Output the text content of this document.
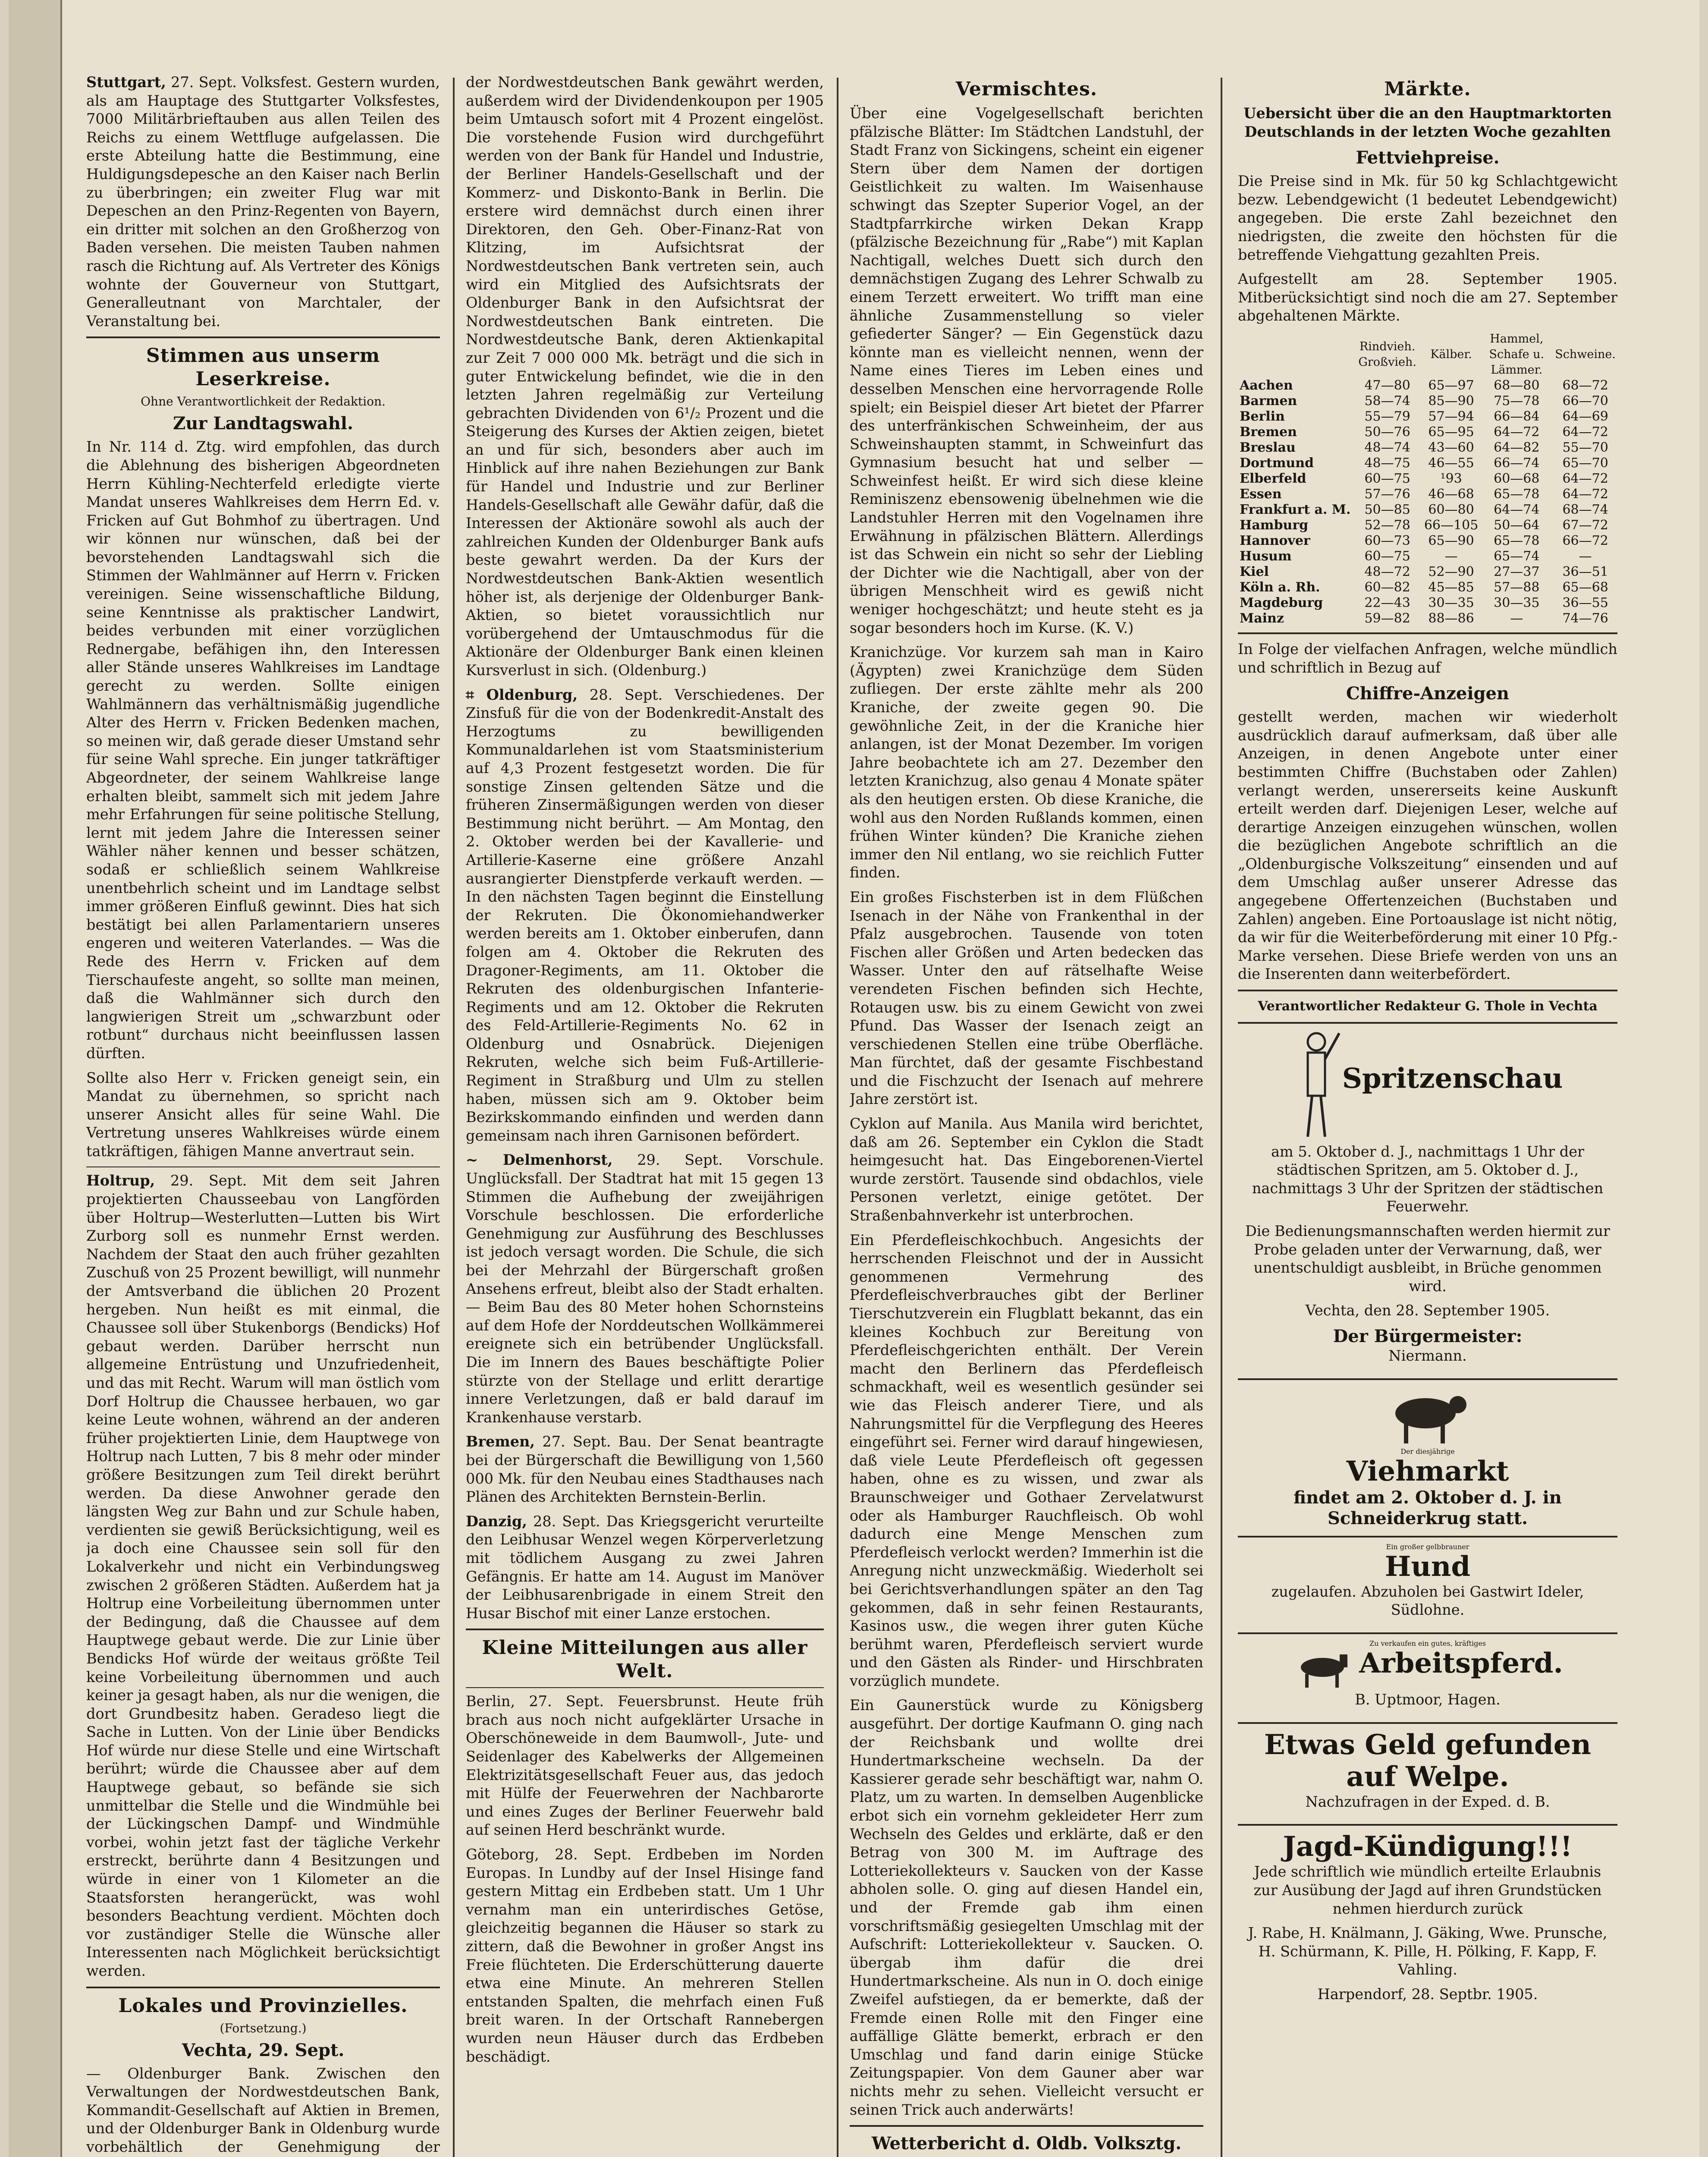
Stuttgart, 27. Sept. Volksfest. Gestern wurden, als am Hauptage des Stuttgarter Volksfestes, 7000 Militärbrieftauben aus allen Teilen des Reichs zu einem Wettfluge aufgelassen. Die erste Abteilung hatte die Bestimmung, eine Huldigungsdepesche an den Kaiser nach Berlin zu überbringen; ein zweiter Flug war mit Depeschen an den Prinz-Regenten von Bayern, ein dritter mit solchen an den Großherzog von Baden versehen. Die meisten Tauben nahmen rasch die Richtung auf. Als Vertreter des Königs wohnte der Gouverneur von Stuttgart, Generalleutnant von Marchtaler, der Veranstaltung bei.

Stimmen aus unserm Leserkreise.
Ohne Verantwortlichkeit der Redaktion.
Zur Landtagswahl.

In Nr. 114 d. Ztg. wird empfohlen, das durch die Ablehnung des bisherigen Abgeordneten Herrn Kühling-Nechterfeld erledigte vierte Mandat unseres Wahlkreises dem Herrn Ed. v. Fricken auf Gut Bohmhof zu übertragen. Und wir können nur wünschen, daß bei der bevorstehenden Landtagswahl sich die Stimmen der Wahlmänner auf Herrn v. Fricken vereinigen. Seine wissenschaftliche Bildung, seine Kenntnisse als praktischer Landwirt, beides verbunden mit einer vorzüglichen Rednergabe, befähigen ihn, den Interessen aller Stände unseres Wahlkreises im Landtage gerecht zu werden. Sollte einigen Wahlmännern das verhältnismäßig jugendliche Alter des Herrn v. Fricken Bedenken machen, so meinen wir, daß gerade dieser Umstand sehr für seine Wahl spreche. Ein junger tatkräftiger Abgeordneter, der seinem Wahlkreise lange erhalten bleibt, sammelt sich mit jedem Jahre mehr Erfahrungen für seine politische Stellung, lernt mit jedem Jahre die Interessen seiner Wähler näher kennen und besser schätzen, sodaß er schließlich seinem Wahlkreise unentbehrlich scheint und im Landtage selbst immer größeren Einfluß gewinnt. Dies hat sich bestätigt bei allen Parlamentariern unseres engeren und weiteren Vaterlandes. — Was die Rede des Herrn v. Fricken auf dem Tierschaufeste angeht, so sollte man meinen, daß die Wahlmänner sich durch den langwierigen Streit um „schwarzbunt oder rotbunt“ durchaus nicht beeinflussen lassen dürften.

Sollte also Herr v. Fricken geneigt sein, ein Mandat zu übernehmen, so spricht nach unserer Ansicht alles für seine Wahl. Die Vertretung unseres Wahlkreises würde einem tatkräftigen, fähigen Manne anvertraut sein.

Holtrup, 29. Sept. Mit dem seit Jahren projektierten Chausseebau von Langförden über Holtrup—Westerlutten—Lutten bis Wirt Zurborg soll es nunmehr Ernst werden. Nachdem der Staat den auch früher gezahlten Zuschuß von 25 Prozent bewilligt, will nunmehr der Amtsverband die üblichen 20 Prozent hergeben. Nun heißt es mit einmal, die Chaussee soll über Stukenborgs (Bendicks) Hof gebaut werden. Darüber herrscht nun allgemeine Entrüstung und Unzufriedenheit, und das mit Recht. Warum will man östlich vom Dorf Holtrup die Chaussee herbauen, wo gar keine Leute wohnen, während an der anderen früher projektierten Linie, dem Hauptwege von Holtrup nach Lutten, 7 bis 8 mehr oder minder größere Besitzungen zum Teil direkt berührt werden. Da diese Anwohner gerade den längsten Weg zur Bahn und zur Schule haben, verdienten sie gewiß Berücksichtigung, weil es ja doch eine Chaussee sein soll für den Lokalverkehr und nicht ein Verbindungsweg zwischen 2 größeren Städten. Außerdem hat ja Holtrup eine Vorbeileitung übernommen unter der Bedingung, daß die Chaussee auf dem Hauptwege gebaut werde. Die zur Linie über Bendicks Hof würde der weitaus größte Teil keine Vorbeileitung übernommen und auch keiner ja gesagt haben, als nur die wenigen, die dort Grundbesitz haben. Geradeso liegt die Sache in Lutten. Von der Linie über Bendicks Hof würde nur diese Stelle und eine Wirtschaft berührt; würde die Chaussee aber auf dem Hauptwege gebaut, so befände sie sich unmittelbar die Stelle und die Windmühle bei der Lückingschen Dampf- und Windmühle vorbei, wohin jetzt fast der tägliche Verkehr erstreckt, berührte dann 4 Besitzungen und würde in einer von 1 Kilometer an die Staatsforsten herangerückt, was wohl besonders Beachtung verdient. Möchten doch vor zuständiger Stelle die Wünsche aller Interessenten nach Möglichkeit berücksichtigt werden.

Lokales und Provinzielles.
(Fortsetzung.)
Vechta, 29. Sept.

— Oldenburger Bank. Zwischen den Verwaltungen der Nordwestdeutschen Bank, Kommandit-Gesellschaft auf Aktien in Bremen, und der Oldenburger Bank in Oldenburg wurde vorbehältlich der Genehmigung der

der Nordwestdeutschen Bank gewährt werden, außerdem wird der Dividendenkoupon per 1905 beim Umtausch sofort mit 4 Prozent eingelöst. Die vorstehende Fusion wird durchgeführt werden von der Bank für Handel und Industrie, der Berliner Handels-Gesellschaft und der Kommerz- und Diskonto-Bank in Berlin. Die erstere wird demnächst durch einen ihrer Direktoren, den Geh. Ober-Finanz-Rat von Klitzing, im Aufsichtsrat der Nordwestdeutschen Bank vertreten sein, auch wird ein Mitglied des Aufsichtsrats der Oldenburger Bank in den Aufsichtsrat der Nordwestdeutschen Bank eintreten. Die Nordwestdeutsche Bank, deren Aktienkapital zur Zeit 7 000 000 Mk. beträgt und die sich in guter Entwickelung befindet, wie die in den letzten Jahren regelmäßig zur Verteilung gebrachten Dividenden von 6¹/₂ Prozent und die Steigerung des Kurses der Aktien zeigen, bietet an und für sich, besonders aber auch im Hinblick auf ihre nahen Beziehungen zur Bank für Handel und Industrie und zur Berliner Handels-Gesellschaft alle Gewähr dafür, daß die Interessen der Aktionäre sowohl als auch der zahlreichen Kunden der Oldenburger Bank aufs beste gewahrt werden. Da der Kurs der Nordwestdeutschen Bank-Aktien wesentlich höher ist, als derjenige der Oldenburger Bank-Aktien, so bietet voraussichtlich nur vorübergehend der Umtauschmodus für die Aktionäre der Oldenburger Bank einen kleinen Kursverlust in sich. (Oldenburg.)

⌗ Oldenburg, 28. Sept. Verschiedenes. Der Zinsfuß für die von der Bodenkredit-Anstalt des Herzogtums zu bewilligenden Kommunaldarlehen ist vom Staatsministerium auf 4,3 Prozent festgesetzt worden. Die für sonstige Zinsen geltenden Sätze und die früheren Zinsermäßigungen werden von dieser Bestimmung nicht berührt. — Am Montag, den 2. Oktober werden bei der Kavallerie- und Artillerie-Kaserne eine größere Anzahl ausrangierter Dienstpferde verkauft werden. — In den nächsten Tagen beginnt die Einstellung der Rekruten. Die Ökonomiehandwerker werden bereits am 1. Oktober einberufen, dann folgen am 4. Oktober die Rekruten des Dragoner-Regiments, am 11. Oktober die Rekruten des oldenburgischen Infanterie-Regiments und am 12. Oktober die Rekruten des Feld-Artillerie-Regiments No. 62 in Oldenburg und Osnabrück. Diejenigen Rekruten, welche sich beim Fuß-Artillerie-Regiment in Straßburg und Ulm zu stellen haben, müssen sich am 9. Oktober beim Bezirkskommando einfinden und werden dann gemeinsam nach ihren Garnisonen befördert.

~ Delmenhorst, 29. Sept. Vorschule. Unglücksfall. Der Stadtrat hat mit 15 gegen 13 Stimmen die Aufhebung der zweijährigen Vorschule beschlossen. Die erforderliche Genehmigung zur Ausführung des Beschlusses ist jedoch versagt worden. Die Schule, die sich bei der Mehrzahl der Bürgerschaft großen Ansehens erfreut, bleibt also der Stadt erhalten. — Beim Bau des 80 Meter hohen Schornsteins auf dem Hofe der Norddeutschen Wollkämmerei ereignete sich ein betrübender Unglücksfall. Die im Innern des Baues beschäftigte Polier stürzte von der Stellage und erlitt derartige innere Verletzungen, daß er bald darauf im Krankenhause verstarb.

Bremen, 27. Sept. Bau. Der Senat beantragte bei der Bürgerschaft die Bewilligung von 1,560 000 Mk. für den Neubau eines Stadthauses nach Plänen des Architekten Bernstein-Berlin.

Danzig, 28. Sept. Das Kriegsgericht verurteilte den Leibhusar Wenzel wegen Körperverletzung mit tödlichem Ausgang zu zwei Jahren Gefängnis. Er hatte am 14. August im Manöver der Leibhusarenbrigade in einem Streit den Husar Bischof mit einer Lanze erstochen.

Kleine Mitteilungen aus aller Welt.

Berlin, 27. Sept. Feuersbrunst. Heute früh brach aus noch nicht aufgeklärter Ursache in Oberschöneweide in dem Baumwoll-, Jute- und Seidenlager des Kabelwerks der Allgemeinen Elektrizitätsgesellschaft Feuer aus, das jedoch mit Hülfe der Feuerwehren der Nachbarorte und eines Zuges der Berliner Feuerwehr bald auf seinen Herd beschränkt wurde.

Göteborg, 28. Sept. Erdbeben im Norden Europas. In Lundby auf der Insel Hisinge fand gestern Mittag ein Erdbeben statt. Um 1 Uhr vernahm man ein unterirdisches Getöse, gleichzeitig begannen die Häuser so stark zu zittern, daß die Bewohner in großer Angst ins Freie flüchteten. Die Erderschütterung dauerte etwa eine Minute. An mehreren Stellen entstanden Spalten, die mehrfach einen Fuß breit waren. In der Ortschaft Rannebergen wurden neun Häuser durch das Erdbeben beschädigt.

Vermischtes.

Über eine Vogelgesellschaft berichten pfälzische Blätter: Im Städtchen Landstuhl, der Stadt Franz von Sickingens, scheint ein eigener Stern über dem Namen der dortigen Geistlichkeit zu walten. Im Waisenhause schwingt das Szepter Superior Vogel, an der Stadtpfarrkirche wirken Dekan Krapp (pfälzische Bezeichnung für „Rabe“) mit Kaplan Nachtigall, welches Duett sich durch den demnächstigen Zugang des Lehrer Schwalb zu einem Terzett erweitert. Wo trifft man eine ähnliche Zusammenstellung so vieler gefiederter Sänger? — Ein Gegenstück dazu könnte man es vielleicht nennen, wenn der Name eines Tieres im Leben eines und desselben Menschen eine hervorragende Rolle spielt; ein Beispiel dieser Art bietet der Pfarrer des unterfränkischen Schweinheim, der aus Schweinshaupten stammt, in Schweinfurt das Gymnasium besucht hat und selber — Schweinfest heißt. Er wird sich diese kleine Reminiszenz ebensowenig übelnehmen wie die Landstuhler Herren mit den Vogelnamen ihre Erwähnung in pfälzischen Blättern. Allerdings ist das Schwein ein nicht so sehr der Liebling der Dichter wie die Nachtigall, aber von der übrigen Menschheit wird es gewiß nicht weniger hochgeschätzt; und heute steht es ja sogar besonders hoch im Kurse. (K. V.)

Kranichzüge. Vor kurzem sah man in Kairo (Ägypten) zwei Kranichzüge dem Süden zufliegen. Der erste zählte mehr als 200 Kraniche, der zweite gegen 90. Die gewöhnliche Zeit, in der die Kraniche hier anlangen, ist der Monat Dezember. Im vorigen Jahre beobachtete ich am 27. Dezember den letzten Kranichzug, also genau 4 Monate später als den heutigen ersten. Ob diese Kraniche, die wohl aus den Norden Rußlands kommen, einen frühen Winter künden? Die Kraniche ziehen immer den Nil entlang, wo sie reichlich Futter finden.

Ein großes Fischsterben ist in dem Flüßchen Isenach in der Nähe von Frankenthal in der Pfalz ausgebrochen. Tausende von toten Fischen aller Größen und Arten bedecken das Wasser. Unter den auf rätselhafte Weise verendeten Fischen befinden sich Hechte, Rotaugen usw. bis zu einem Gewicht von zwei Pfund. Das Wasser der Isenach zeigt an verschiedenen Stellen eine trübe Oberfläche. Man fürchtet, daß der gesamte Fischbestand und die Fischzucht der Isenach auf mehrere Jahre zerstört ist.

Cyklon auf Manila. Aus Manila wird berichtet, daß am 26. September ein Cyklon die Stadt heimgesucht hat. Das Eingeborenen-Viertel wurde zerstört. Tausende sind obdachlos, viele Personen verletzt, einige getötet. Der Straßenbahnverkehr ist unterbrochen.

Ein Pferdefleischkochbuch. Angesichts der herrschenden Fleischnot und der in Aussicht genommenen Vermehrung des Pferdefleischverbrauches gibt der Berliner Tierschutzverein ein Flugblatt bekannt, das ein kleines Kochbuch zur Bereitung von Pferdefleischgerichten enthält. Der Verein macht den Berlinern das Pferdefleisch schmackhaft, weil es wesentlich gesünder sei wie das Fleisch anderer Tiere, und als Nahrungsmittel für die Verpflegung des Heeres eingeführt sei. Ferner wird darauf hingewiesen, daß viele Leute Pferdefleisch oft gegessen haben, ohne es zu wissen, und zwar als Braunschweiger und Gothaer Zervelatwurst oder als Hamburger Rauchfleisch. Ob wohl dadurch eine Menge Menschen zum Pferdefleisch verlockt werden? Immerhin ist die Anregung nicht unzweckmäßig. Wiederholt sei bei Gerichtsverhandlungen später an den Tag gekommen, daß in sehr feinen Restaurants, Kasinos usw., die wegen ihrer guten Küche berühmt waren, Pferdefleisch serviert wurde und den Gästen als Rinder- und Hirschbraten vorzüglich mundete.

Ein Gaunerstück wurde zu Königsberg ausgeführt. Der dortige Kaufmann O. ging nach der Reichsbank und wollte drei Hundertmarkscheine wechseln. Da der Kassierer gerade sehr beschäftigt war, nahm O. Platz, um zu warten. In demselben Augenblicke erbot sich ein vornehm gekleideter Herr zum Wechseln des Geldes und erklärte, daß er den Betrag von 300 M. im Auftrage des Lotteriekollekteurs v. Saucken von der Kasse abholen solle. O. ging auf diesen Handel ein, und der Fremde gab ihm einen vorschriftsmäßig gesiegelten Umschlag mit der Aufschrift: Lotteriekollekteur v. Saucken. O. übergab ihm dafür die drei Hundertmarkscheine. Als nun in O. doch einige Zweifel aufstiegen, da er bemerkte, daß der Fremde einen Rolle mit den Finger eine auffällige Glätte bemerkt, erbrach er den Umschlag und fand darin einige Stücke Zeitungspapier. Von dem Gauner aber war nichts mehr zu sehen. Vielleicht versucht er seinen Trick auch anderwärts!

Wetterbericht d. Oldb. Volksztg.

Märkte.

Uebersicht über die an den Hauptmarktorten Deutschlands in der letzten Woche gezahlten

Fettviehpreise.

Die Preise sind in Mk. für 50 kg Schlachtgewicht bezw. Lebendgewicht (1 bedeutet Lebendgewicht) angegeben. Die erste Zahl bezeichnet den niedrigsten, die zweite den höchsten für die betreffende Viehgattung gezahlten Preis.

Aufgestellt am 28. September 1905. Mitberücksichtigt sind noch die am 27. September abgehaltenen Märkte.

	Rindvieh. Großvieh.	Kälber.	Hammel, Schafe u. Lämmer.	Schweine.
Aachen	47—80	65—97	68—80	68—72
Barmen	58—74	85—90	75—78	66—70
Berlin	55—79	57—94	66—84	64—69
Bremen	50—76	65—95	64—72	64—72
Breslau	48—74	43—60	64—82	55—70
Dortmund	48—75	46—55	66—74	65—70
Elberfeld	60—75	¹93	60—68	64—72
Essen	57—76	46—68	65—78	64—72
Frankfurt a. M.	50—85	60—80	64—74	68—74
Hamburg	52—78	66—105	50—64	67—72
Hannover	60—73	65—90	65—78	66—72
Husum	60—75	—	65—74	—
Kiel	48—72	52—90	27—37	36—51
Köln a. Rh.	60—82	45—85	57—88	65—68
Magdeburg	22—43	30—35	30—35	36—55
Mainz	59—82	88—86	—	74—76

In Folge der vielfachen Anfragen, welche mündlich und schriftlich in Bezug auf

Chiffre-Anzeigen

gestellt werden, machen wir wiederholt ausdrücklich darauf aufmerksam, daß über alle Anzeigen, in denen Angebote unter einer bestimmten Chiffre (Buchstaben oder Zahlen) verlangt werden, unsererseits keine Auskunft erteilt werden darf. Diejenigen Leser, welche auf derartige Anzeigen einzugehen wünschen, wollen die bezüglichen Angebote schriftlich an die „Oldenburgische Volkszeitung“ einsenden und auf dem Umschlag außer unserer Adresse das angegebene Offertenzeichen (Buchstaben und Zahlen) angeben. Eine Portoauslage ist nicht nötig, da wir für die Weiterbeförderung mit einer 10 Pfg.-Marke versehen. Diese Briefe werden von uns an die Inserenten dann weiterbefördert.

Verantwortlicher Redakteur G. Thole in Vechta

Spritzenschau

am 5. Oktober d. J., nachmittags 1 Uhr der städtischen Spritzen, am 5. Oktober d. J., nachmittags 3 Uhr der Spritzen der städtischen Feuerwehr.

Die Bedienungsmannschaften werden hiermit zur Probe geladen unter der Verwarnung, daß, wer unentschuldigt ausbleibt, in Brüche genommen wird.

Vechta, den 28. September 1905.

Der Bürgermeister:

Niermann.

Der diesjährige
Viehmarkt
findet am 2. Oktober d. J. in Schneiderkrug statt.
Ein großer gelbbrauner
Hund

zugelaufen. Abzuholen bei Gastwirt Ideler, Südlohne.

Zu verkaufen ein gutes, kräftiges
Arbeitspferd.

B. Uptmoor, Hagen.

Etwas Geld gefunden auf Welpe.

Nachzufragen in der Exped. d. B.

Jagd-Kündigung!!!

Jede schriftlich wie mündlich erteilte Erlaubnis zur Ausübung der Jagd auf ihren Grundstücken nehmen hierdurch zurück

J. Rabe, H. Knälmann, J. Gäking, Wwe. Prunsche, H. Schürmann, K. Pille, H. Pölking, F. Kapp, F. Vahling.

Harpendorf, 28. Septbr. 1905.
